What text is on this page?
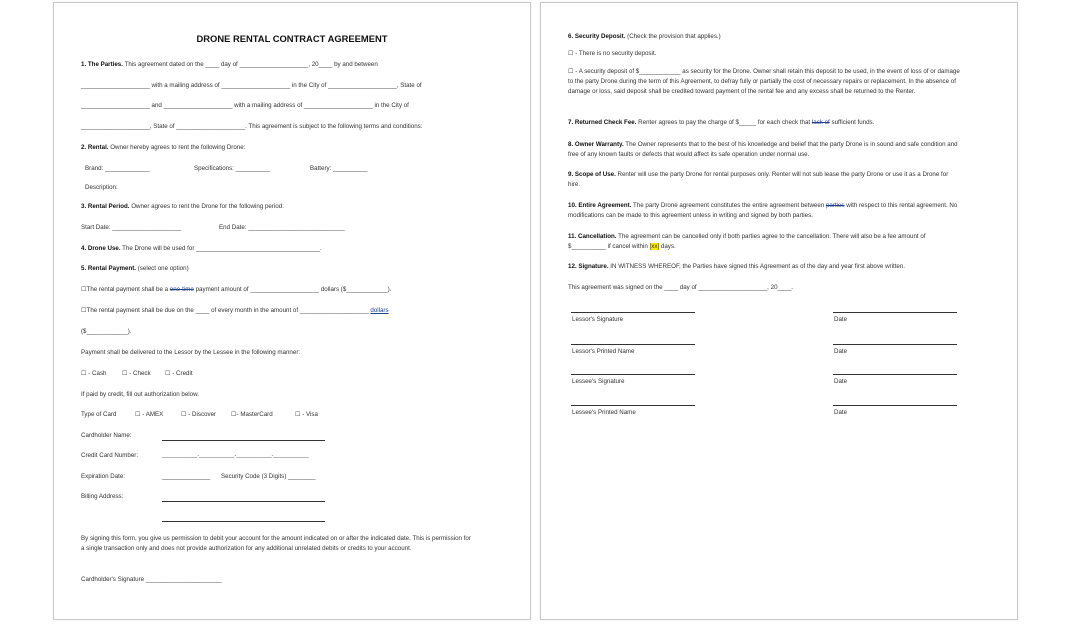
DRONE RENTAL CONTRACT AGREEMENT
1. The Parties. This agreement dated on the ____ day of ____________________, 20____ by and between
____________________ with a mailing address of ____________________ in the City of ____________________, State of
____________________ and ____________________ with a mailing address of ____________________ in the City of
____________________, State of ____________________. This agreement is subject to the following terms and conditions:
2. Rental. Owner hereby agrees to rent the following Drone:
Brand: _____________	Specifications: __________	Battery: __________
Description:
3. Rental Period. Owner agrees to rent the Drone for the following period:
Start Date: ____________________	End Date: ____________________________
4. Drone Use. The Drone will be used for ____________________________________.
5. Rental Payment. (select one option)
☐The rental payment shall be a one-time payment amount of ____________________ dollars ($____________).
☐The rental payment shall be due on the ____ of every month in the amount of ____________________ dollars
($____________).
Payment shall be delivered to the Lessor by the Lessee in the following manner:
☐ - Cash	☐ - Check ☐ - Credit
If paid by credit, fill out authorization below.
Type of Card	☐ - AMEX	☐ - Discover ☐- MasterCard	☐ - Visa
Cardholder Name:
Credit Card Number:	____________-____________-____________-____________
Expiration Date:	______________ Security Code (3 Digits) ________
Billing Address:
By signing this form, you give us permission to debit your account for the amount indicated on or after the indicated date. This is permission for a single transaction only and does not provide authorization for any additional unrelated debits or credits to your account.
Cardholder's Signature ______________________
6. Security Deposit. (Check the provision that applies.)
☐ - There is no security deposit.
☐ - A security deposit of $____________ as security for the Drone. Owner shall retain this deposit to be used, in the event of loss of or damage to the party Drone during the term of this Agreement, to defray fully or partially the cost of necessary repairs or replacement. In the absence of damage or loss, said deposit shall be credited toward payment of the rental fee and any excess shall be returned to the Renter.
7. Returned Check Fee. Renter agrees to pay the charge of $_____ for each check that lack of sufficient funds.
8. Owner Warranty. The Owner represents that to the best of his knowledge and belief that the party Drone is in sound and safe condition and free of any known faults or defects that would affect its safe operation under normal use.
9. Scope of Use. Renter will use the party Drone for rental purposes only. Renter will not sub lease the party Drone or use it as a Drone for hire.
10. Entire Agreement. The party Drone agreement constitutes the entire agreement between parties with respect to this rental agreement. No modifications can be made to this agreement unless in writing and signed by both parties.
11. Cancellation. The agreement can be cancelled only if both parties agree to the cancellation. There will also be a fee amount of $__________ if cancel within [xx] days.
12. Signature. IN WITNESS WHEREOF, the Parties have signed this Agreement as of the day and year first above written.
This agreement was signed on the ____ day of ____________________, 20____.
Lessor's Signature	Date
Lessor's Printed Name	Date
Lessee's Signature	Date
Lessee's Printed Name	Date
